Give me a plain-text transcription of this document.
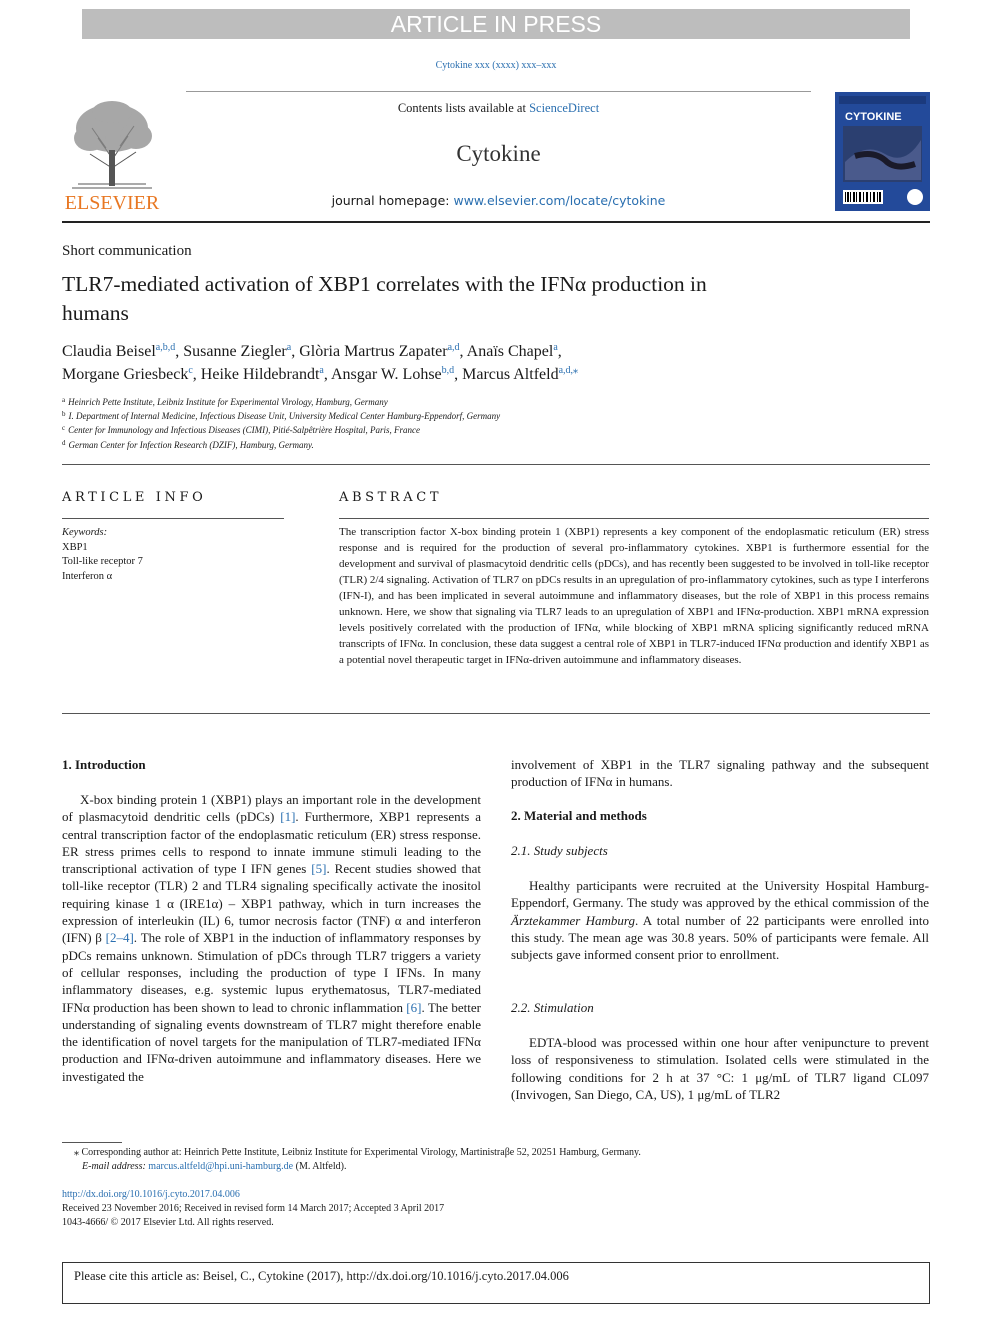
ARTICLE IN PRESS
Cytokine xxx (xxxx) xxx–xxx
ELSEVIER
Contents lists available at ScienceDirect
Cytokine
journal homepage: www.elsevier.com/locate/cytokine
CYTOKINE
Short communication
TLR7-mediated activation of XBP1 correlates with the IFNα production in
humans
Claudia Beisel$^{a,b,d}$, Susanne Ziegler$^a$, Glòria Martrus Zapater$^{a,d}$, Anaïs Chapel$^a$,
Morgane Griesbeck$^c$, Heike Hildebrandt$^a$, Ansgar W. Lohse$^{b,d}$, Marcus Altfeld$^{a,d,⁎}$
$^a$ Heinrich Pette Institute, Leibniz Institute for Experimental Virology, Hamburg, Germany
$^b$ I. Department of Internal Medicine, Infectious Disease Unit, University Medical Center Hamburg-Eppendorf, Germany
$^c$ Center for Immunology and Infectious Diseases (CIMI), Pitié-Salpêtrière Hospital, Paris, France
$^d$ German Center for Infection Research (DZIF), Hamburg, Germany.
ARTICLE INFO	ABSTRACT
Keywords:
XBP1
Toll-like receptor 7
Interferon α
The transcription factor X-box binding protein 1 (XBP1) represents a key component of the endoplasmatic reticulum (ER) stress response and is required for the production of several pro-inflammatory cytokines. XBP1 is furthermore essential for the development and survival of plasmacytoid dendritic cells (pDCs), and has recently been suggested to be involved in toll-like receptor (TLR) 2/4 signaling. Activation of TLR7 on pDCs results in an upregulation of pro-inflammatory cytokines, such as type I interferons (IFN-I), and has been implicated in several autoimmune and inflammatory diseases, but the role of XBP1 in this process remains unknown. Here, we show that signaling via TLR7 leads to an upregulation of XBP1 and IFNα-production. XBP1 mRNA expression levels positively correlated with the production of IFNα, while blocking of XBP1 mRNA splicing significantly reduced mRNA transcripts of IFNα. In conclusion, these data suggest a central role of XBP1 in TLR7-induced IFNα production and identify XBP1 as a potential novel therapeutic target in IFNα-driven autoimmune and inflammatory diseases.
1. Introduction

X-box binding protein 1 (XBP1) plays an important role in the development of plasmacytoid dendritic cells (pDCs) [1]. Furthermore, XBP1 represents a central transcription factor of the endoplasmatic reticulum (ER) stress response. ER stress primes cells to respond to innate immune stimuli leading to the transcriptional activation of type I IFN genes [5]. Recent studies showed that toll-like receptor (TLR) 2 and TLR4 signaling specifically activate the inositol requiring kinase 1 α (IRE1α) – XBP1 pathway, which in turn increases the expression of interleukin (IL) 6, tumor necrosis factor (TNF) α and interferon (IFN) β [2–4]. The role of XBP1 in the induction of inflammatory responses by pDCs remains unknown. Stimulation of pDCs through TLR7 triggers a variety of cellular responses, including the production of type I IFNs. In many inflammatory diseases, e.g. systemic lupus erythematosus, TLR7-mediated IFNα production has been shown to lead to chronic inflammation [6]. The better understanding of signaling events downstream of TLR7 might therefore enable the identification of novel targets for the manipulation of TLR7-mediated IFNα production and IFNα-driven autoimmune and inflammatory diseases. Here we investigated the

involvement of XBP1 in the TLR7 signaling pathway and the subsequent production of IFNα in humans.
2. Material and methods
2.1. Study subjects

Healthy participants were recruited at the University Hospital Hamburg-Eppendorf, Germany. The study was approved by the ethical commission of the Ärztekammer Hamburg. A total number of 22 participants were enrolled into this study. The mean age was 30.8 years. 50% of participants were female. All subjects gave informed consent prior to enrollment.

2.2. Stimulation

EDTA-blood was processed within one hour after venipuncture to prevent loss of responsiveness to stimulation. Isolated cells were stimulated in the following conditions for 2 h at 37 °C: 1 μg/mL of TLR7 ligand CL097 (Invivogen, San Diego, CA, US), 1 μg/mL of TLR2

⁎ Corresponding author at: Heinrich Pette Institute, Leibniz Institute for Experimental Virology, Martinistraβe 52, 20251 Hamburg, Germany.
E-mail address: marcus.altfeld@hpi.uni-hamburg.de (M. Altfeld).
http://dx.doi.org/10.1016/j.cyto.2017.04.006
Received 23 November 2016; Received in revised form 14 March 2017; Accepted 3 April 2017
1043-4666/ © 2017 Elsevier Ltd. All rights reserved.
Please cite this article as: Beisel, C., Cytokine (2017), http://dx.doi.org/10.1016/j.cyto.2017.04.006
